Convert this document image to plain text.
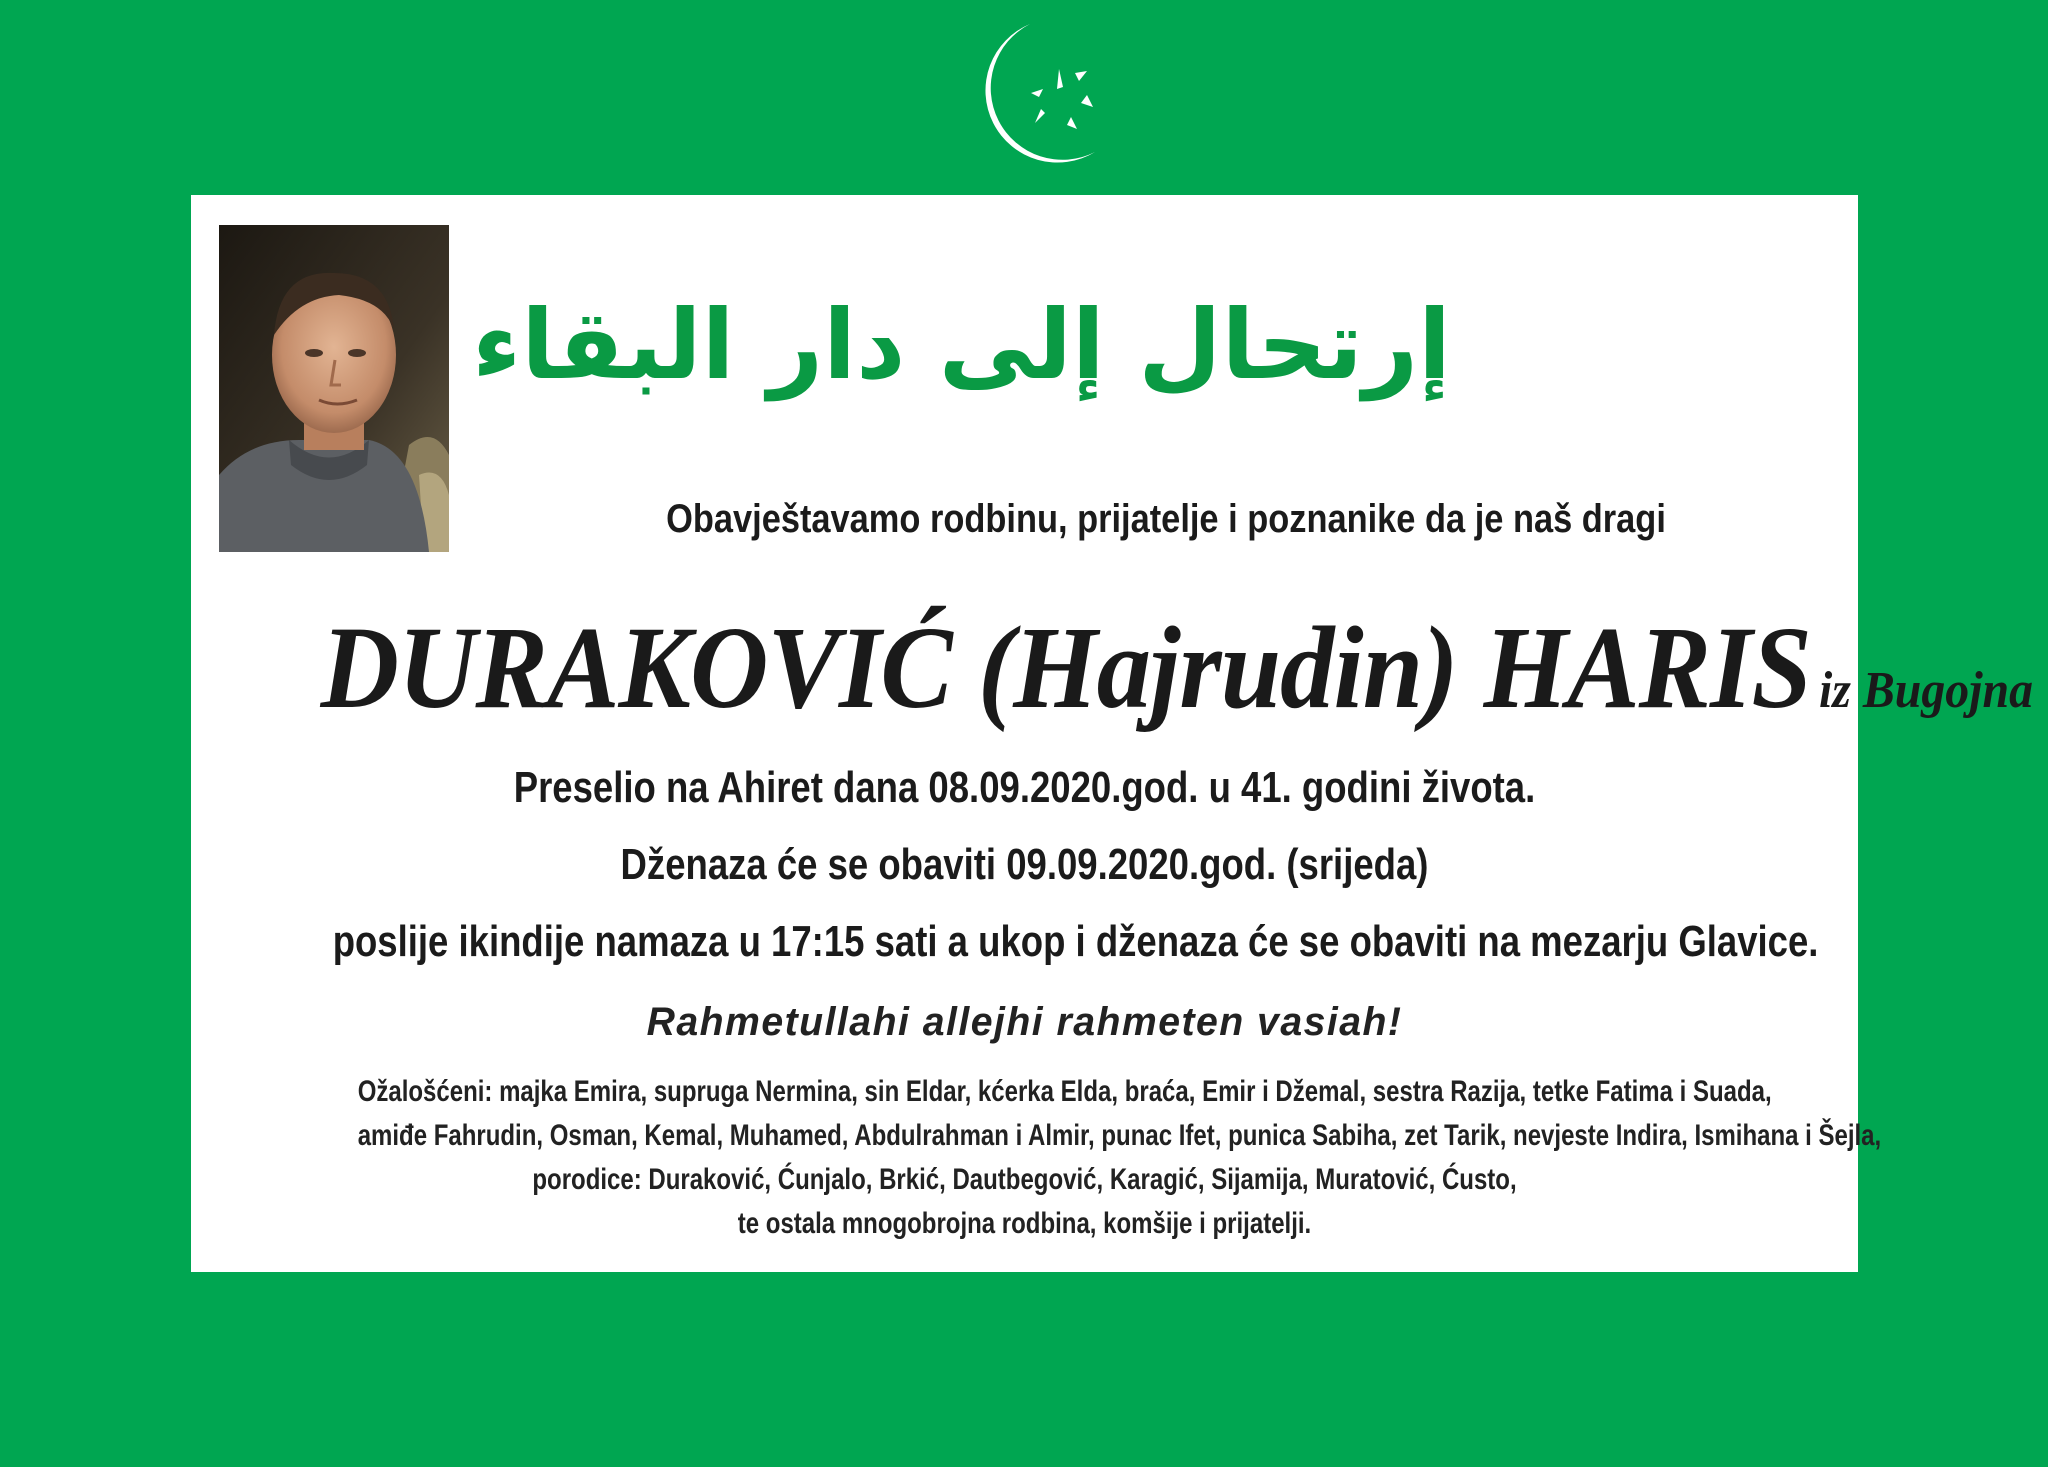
إرتحال إلى دار البقاء
Obavještavamo rodbinu, prijatelje i poznanike da je naš dragi
DURAKOVIĆ (Hajrudin) HARIS iz Bugojna
Preselio na Ahiret dana 08.09.2020.god. u 41. godini života.
Dženaza će se obaviti 09.09.2020.god. (srijeda)
poslije ikindije namaza u 17:15 sati a ukop i dženaza će se obaviti na mezarju Glavice.
Rahmetullahi allejhi rahmeten vasiah!
Ožalošćeni: majka Emira, supruga Nermina, sin Eldar, kćerka Elda, braća, Emir i Džemal, sestra Razija, tetke Fatima i Suada,
amiđe Fahrudin, Osman, Kemal, Muhamed, Abdulrahman i Almir, punac Ifet, punica Sabiha, zet Tarik, nevjeste Indira, Ismihana i Šejla,
porodice: Duraković, Ćunjalo, Brkić, Dautbegović, Karagić, Sijamija, Muratović, Ćusto,
te ostala mnogobrojna rodbina, komšije i prijatelji.
